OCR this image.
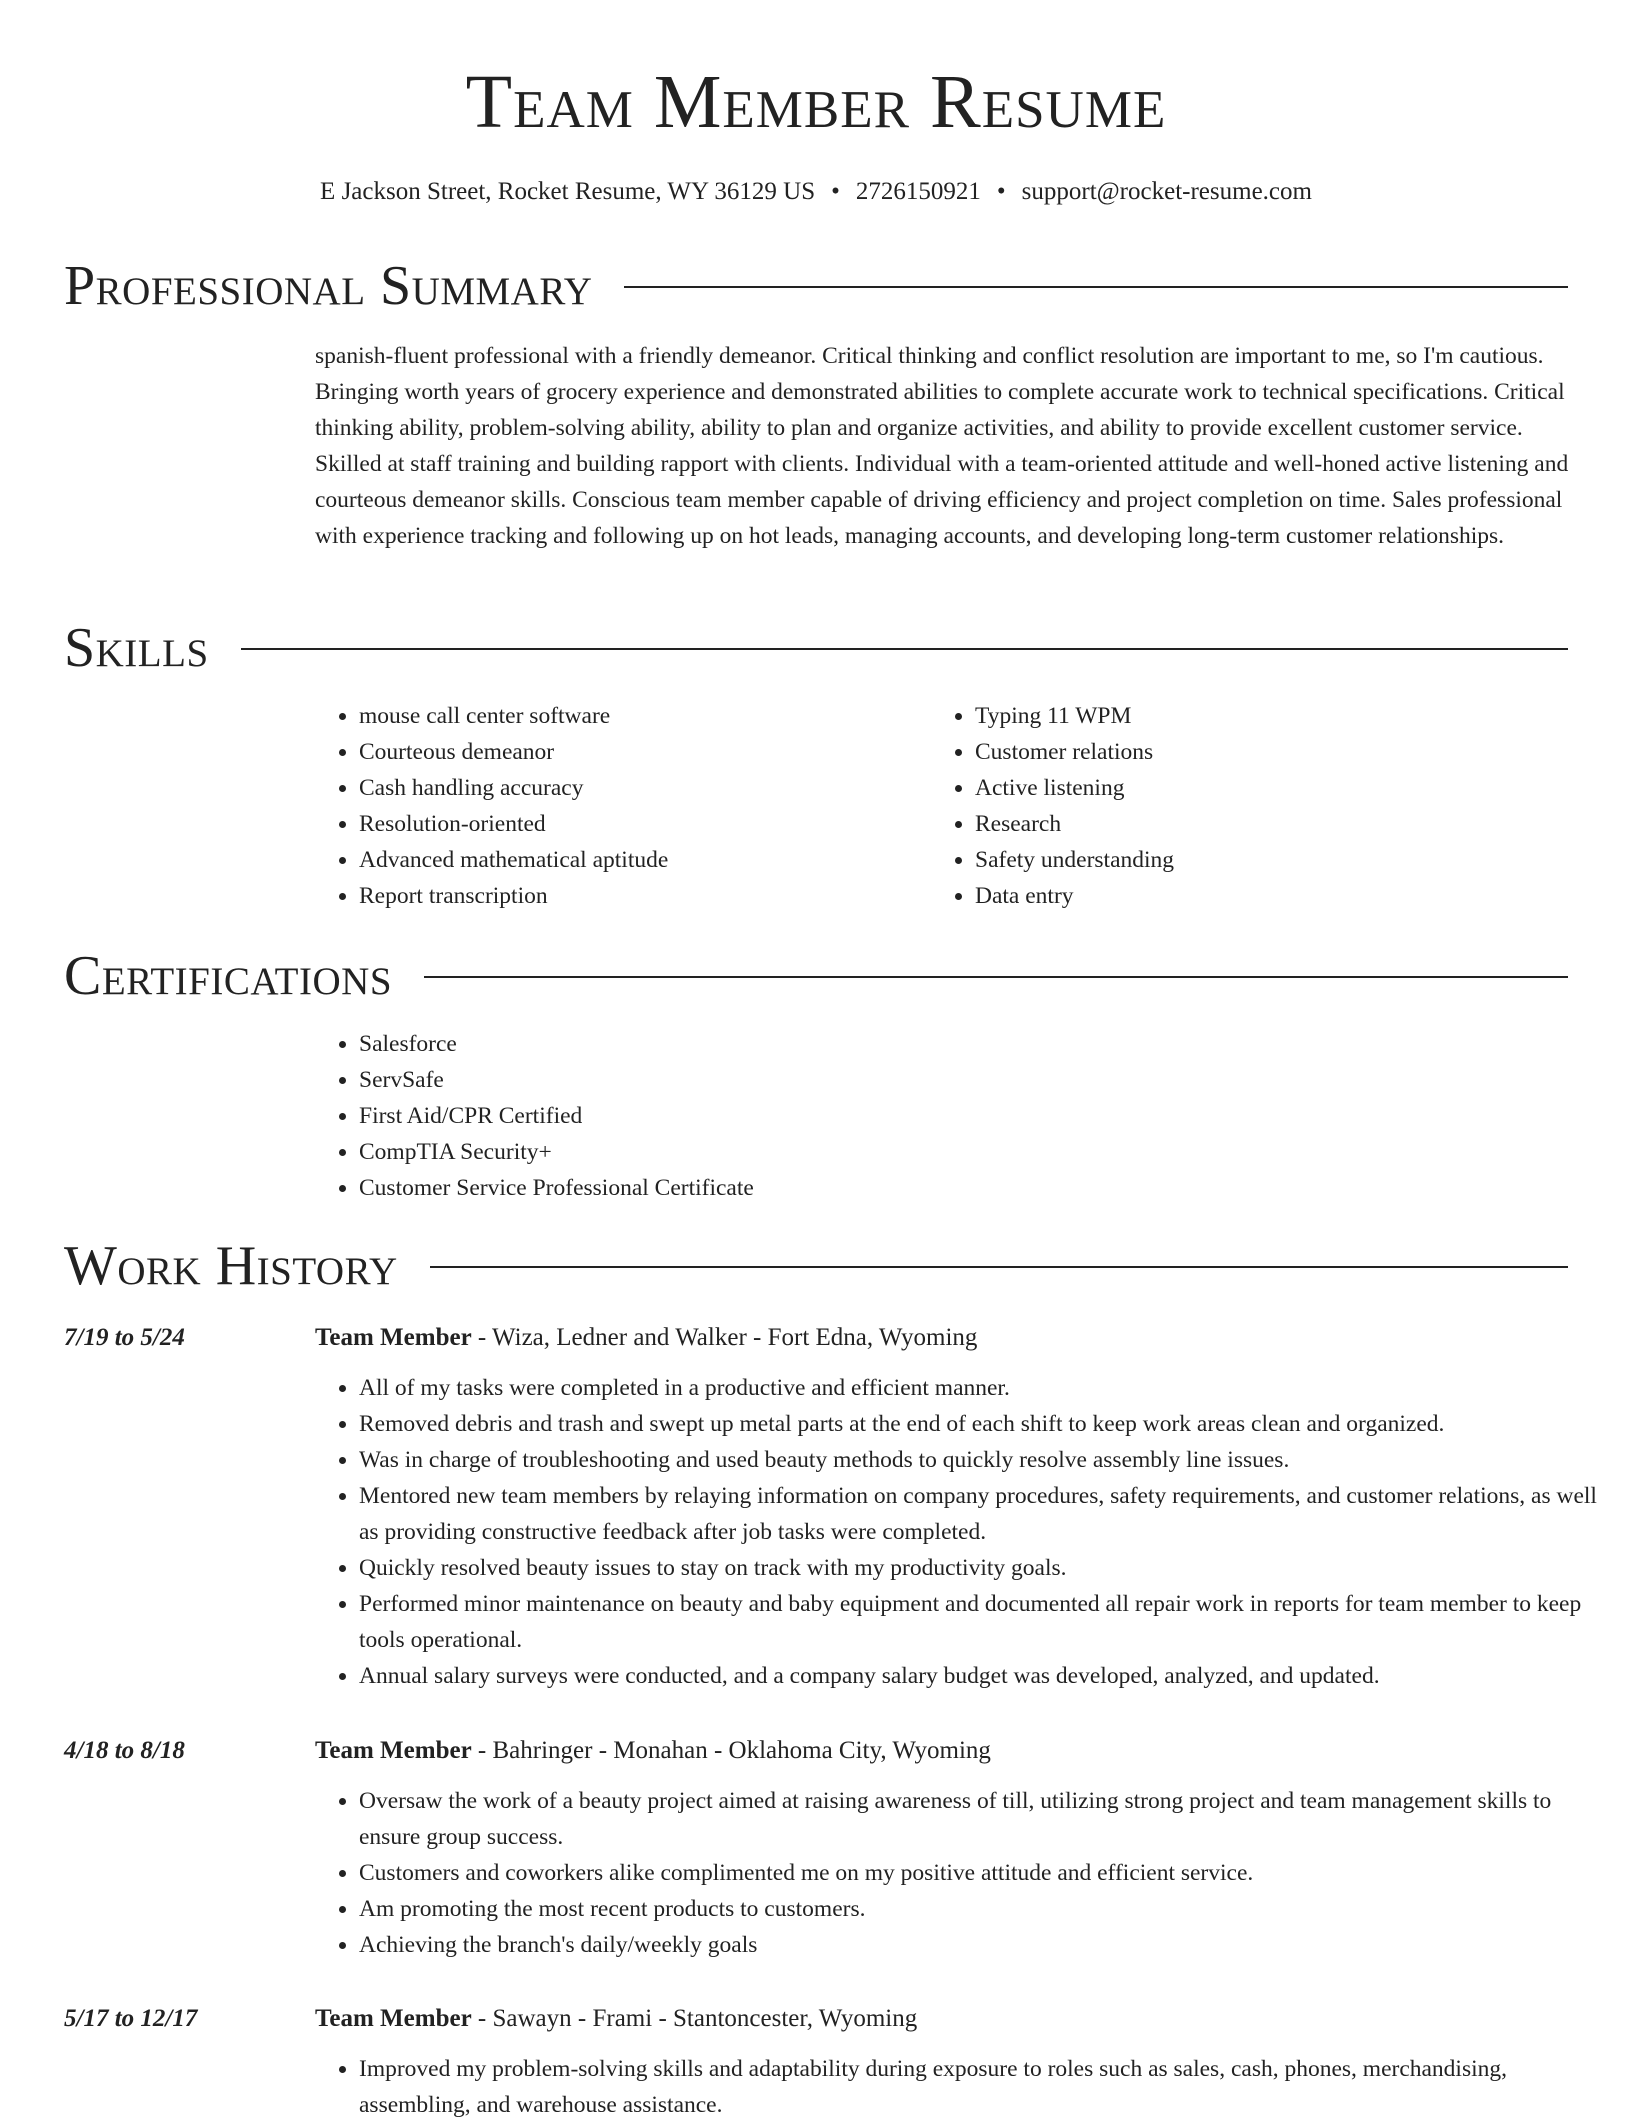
Team Member Resume
E Jackson Street, Rocket Resume, WY 36129 US • 2726150921 • support@rocket-resume.com
Professional Summary

spanish-fluent professional with a friendly demeanor. Critical thinking and conflict resolution are important to me, so I'm cautious. Bringing worth years of grocery experience and demonstrated abilities to complete accurate work to technical specifications. Critical thinking ability, problem-solving ability, ability to plan and organize activities, and ability to provide excellent customer service. Skilled at staff training and building rapport with clients. Individual with a team-oriented attitude and well-honed active listening and courteous demeanor skills. Conscious team member capable of driving efficiency and project completion on time. Sales professional with experience tracking and following up on hot leads, managing accounts, and developing long-term customer relationships.

Skills
• mouse call center software
• Courteous demeanor
• Cash handling accuracy
• Resolution-oriented
• Advanced mathematical aptitude
• Report transcription
• Typing 11 WPM
• Customer relations
• Active listening
• Research
• Safety understanding
• Data entry
Certifications
• Salesforce
• ServSafe
• First Aid/CPR Certified
• CompTIA Security+
• Customer Service Professional Certificate
Work History
7/19 to 5/24	Team Member - Wiza, Ledner and Walker - Fort Edna, Wyoming
• All of my tasks were completed in a productive and efficient manner.
• Removed debris and trash and swept up metal parts at the end of each shift to keep work areas clean and organized.
• Was in charge of troubleshooting and used beauty methods to quickly resolve assembly line issues.
• Mentored new team members by relaying information on company procedures, safety requirements, and customer relations, as well as providing constructive feedback after job tasks were completed.
• Quickly resolved beauty issues to stay on track with my productivity goals.
• Performed minor maintenance on beauty and baby equipment and documented all repair work in reports for team member to keep tools operational.
• Annual salary surveys were conducted, and a company salary budget was developed, analyzed, and updated.
4/18 to 8/18	Team Member - Bahringer - Monahan - Oklahoma City, Wyoming
• Oversaw the work of a beauty project aimed at raising awareness of till, utilizing strong project and team management skills to ensure group success.
• Customers and coworkers alike complimented me on my positive attitude and efficient service.
• Am promoting the most recent products to customers.
• Achieving the branch's daily/weekly goals
5/17 to 12/17	Team Member - Sawayn - Frami - Stantoncester, Wyoming
• Improved my problem-solving skills and adaptability during exposure to roles such as sales, cash, phones, merchandising, assembling, and warehouse assistance.
